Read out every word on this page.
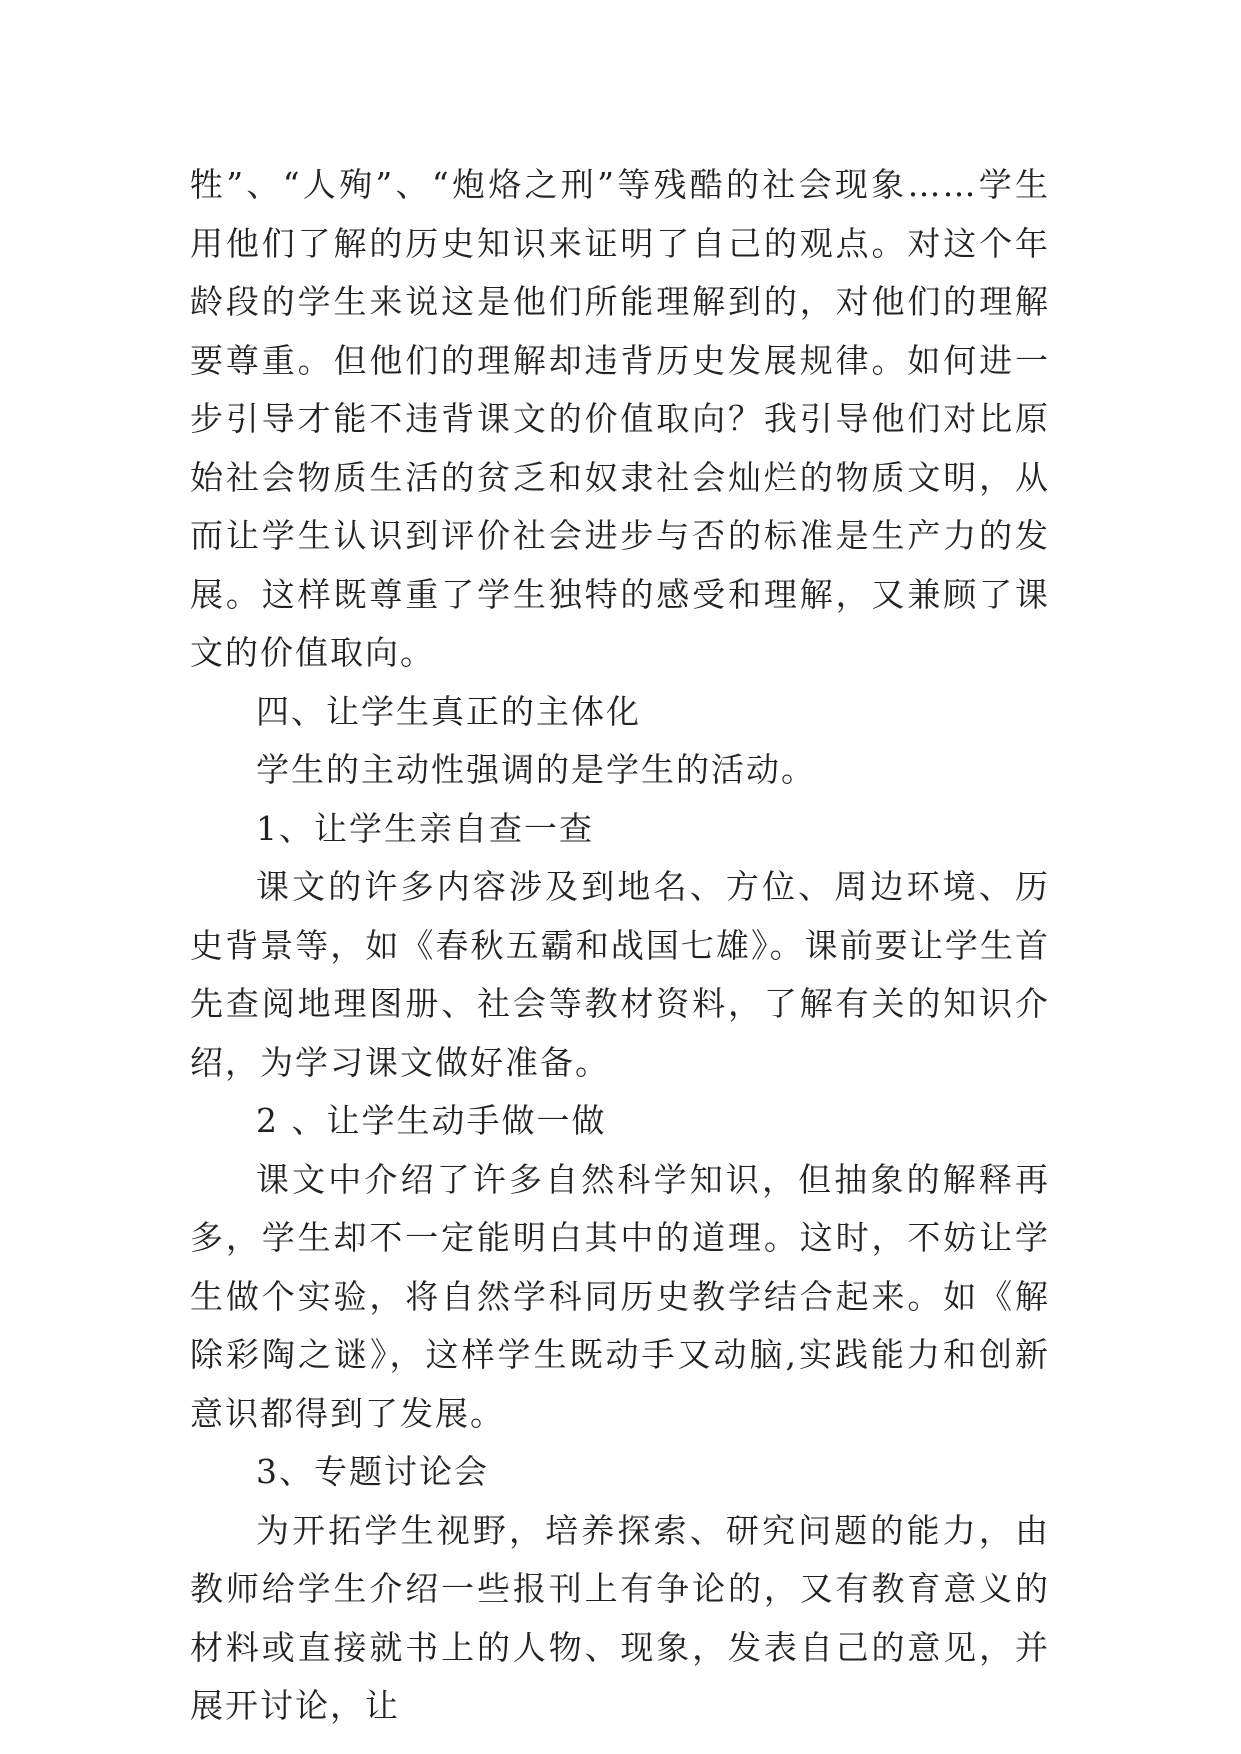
牲”、“人殉”、“炮烙之刑”等残酷的社会现象……学生用他们了解的历史知识来证明了自己的观点。对这个年龄段的学生来说这是他们所能理解到的，对他们的理解要尊重。但他们的理解却违背历史发展规律。如何进一步引导才能不违背课文的价值取向？我引导他们对比原始社会物质生活的贫乏和奴隶社会灿烂的物质文明，从而让学生认识到评价社会进步与否的标准是生产力的发展。这样既尊重了学生独特的感受和理解，又兼顾了课文的价值取向。

四、让学生真正的主体化

学生的主动性强调的是学生的活动。

1、让学生亲自查一查

课文的许多内容涉及到地名、方位、周边环境、历史背景等，如《春秋五霸和战国七雄》。课前要让学生首先查阅地理图册、社会等教材资料，了解有关的知识介绍，为学习课文做好准备。

2 、让学生动手做一做

课文中介绍了许多自然科学知识，但抽象的解释再多，学生却不一定能明白其中的道理。这时，不妨让学生做个实验，将自然学科同历史教学结合起来。如《解除彩陶之谜》，这样学生既动手又动脑,实践能力和创新意识都得到了发展。

3、专题讨论会

为开拓学生视野，培养探索、研究问题的能力，由教师给学生介绍一些报刊上有争论的，又有教育意义的材料或直接就书上的人物、现象，发表自己的意见，并展开讨论，让
